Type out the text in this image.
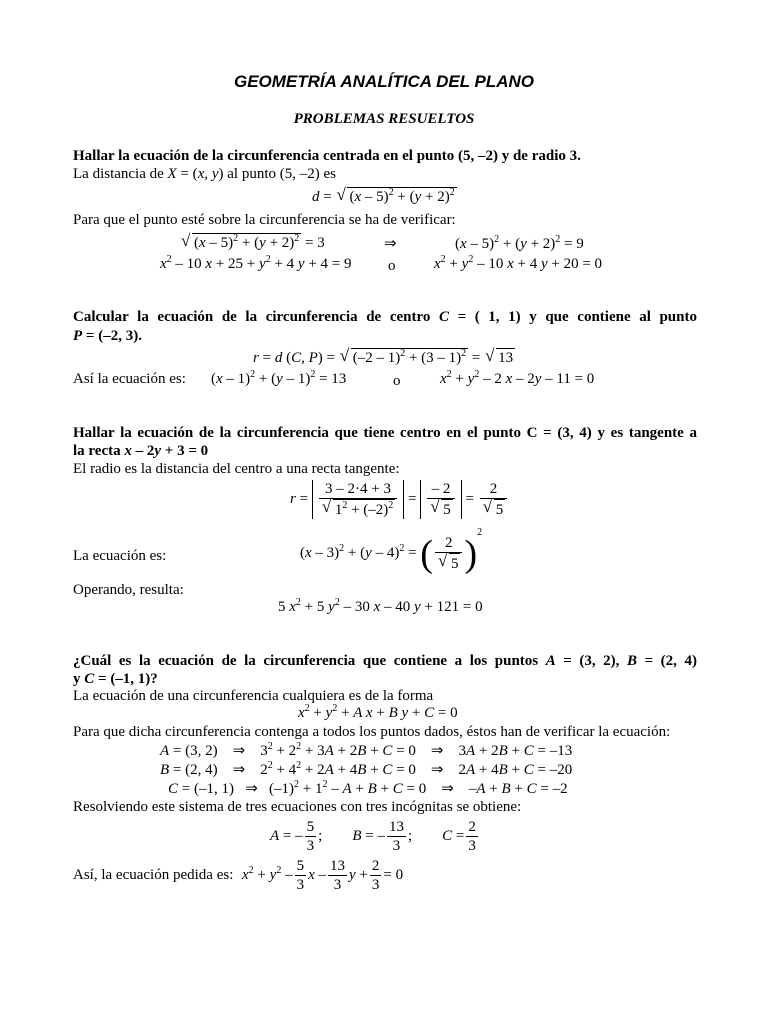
GEOMETRÍA ANALÍTICA DEL PLANO
PROBLEMAS RESUELTOS
Hallar la ecuación de la circunferencia centrada en el punto (5, –2) y de radio 3.
La distancia de X = (x, y) al punto (5, –2) es
d = √ $(x - 5)^2 + (y + 2)^2$
Para que el punto esté sobre la circunferencia se ha de verificar:
√ $(x - 5)^2 + (y + 2)^2 = 3$	⇒	$(x - 5)^2 + (y + 2)^2 = 9$
$x^2 - 10$ $x + 25 + y^2 + 4$ y + 4 = 9 o	$x^2 + y^2 - 10$ x + 4 y + 20 = 0
Calcular la ecuación de la circunferencia de centro C = ( 1, 1) y que contiene al punto
P = (–2, 3).
r = d (C, P) = √ (–2 – 1)$^2$ + (3 – 1)$^2$ = √ 13
Así la ecuación es: (x – 1)$^2$ + (y – 1)$^2$ = 13	o	$x^2 + y^2 - 2$ x – 2y – 11 = 0
Hallar la ecuación de la circunferencia que tiene centro en el punto C = (3, 4) y es tangente a
la recta x – 2y + 3 = 0
El radio es la distancia del centro a una recta tangente:
r = 3 – 2·4 + 3
√ $1^2 + (-2)^2$ = – 2
√ 5 = 2
√ 5
La ecuación es:	(x – 3)$^2$ + (y – 4)$^2$ = ( 2
√ 5 )$^2$
Operando, resulta:
5 $x^2 + 5$ $y^2 - 30$ x – 40 y + 121 = 0
¿Cuál es la ecuación de la circunferencia que contiene a los puntos A = (3, 2), B = (2, 4)
y C = (–1, 1)?
La ecuación de una circunferencia cualquiera es de la forma
$x^2 + y^2 + A$ x + B y + C = 0
Para que dicha circunferencia contenga a todos los puntos dados, éstos han de verificar la ecuación:
A = (3, 2)    ⇒    $3^2 + 2^2 + 3A + 2B + C = 0$    ⇒    3A + 2B + C = –13
B = (2, 4)    ⇒    $2^2 + 4^2 + 2A + 4B + C = 0$    ⇒    2A + 4B + C = –20
C = (–1, 1)   ⇒   $(-1)^2 + 1^2 - A + B + C = 0$    ⇒    –A + B + C = –2
Resolviendo este sistema de tres ecuaciones con tres incógnitas se obtiene:
A = – $\frac{5}{3}$ ;        B = – $\frac{13}{3}$ ;        $C = \frac{2}{3}$
Así, la ecuación pedida es: $x^2 + y^2 - \frac{5}{3}$ x – $\frac{13}{3}$ $y + \frac{2}{3} = 0$
